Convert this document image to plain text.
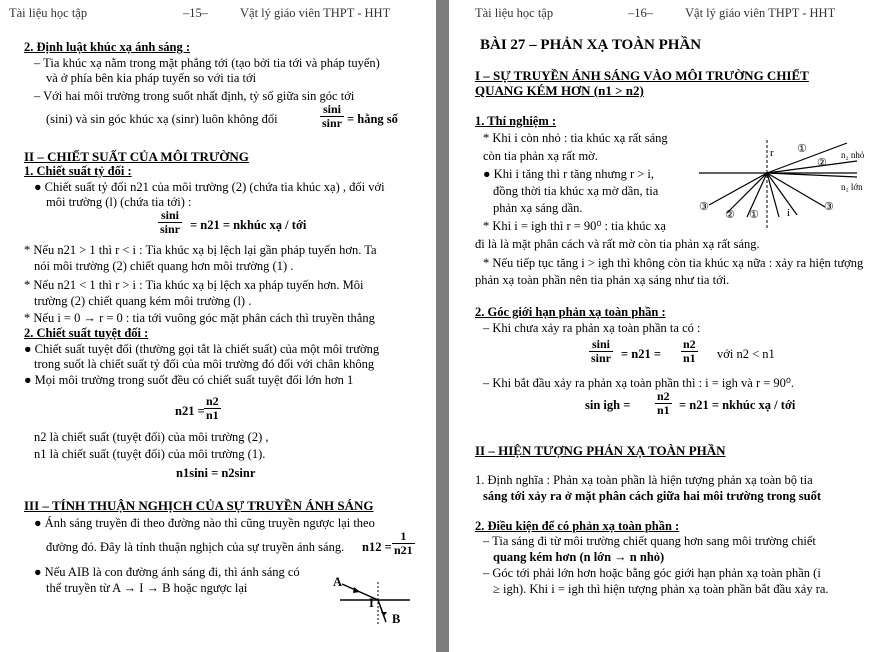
Tài liệu học tập	–15–	Vật lý giáo viên THPT - HHT
2. Định luật khúc xạ ánh sáng :
– Tia khúc xạ nằm trong mặt phẳng tới (tạo bởi tia tới và pháp tuyến)
và ở phía bên kia pháp tuyến so với tia tới
– Với hai môi trường trong suốt nhất định, tỷ số giữa sin góc tới
(sini) và sin góc khúc xạ (sinr) luôn không đổi	$\frac{\sin i}{\sin r}$ = hằng số
II – CHIẾT SUẤT CỦA MÔI TRƯỜNG
1. Chiết suất tỷ đối :
● Chiết suất tỷ đối n21 của môi trường (2) (chứa tia khúc xạ) , đối với
môi trường (l) (chứa tia tới) :
$\frac{\sin i}{\sin r} = n21$ = nkhúc xạ / tới
* Nếu n21 > 1 thì r < i : Tia khúc xạ bị lệch lại gần pháp tuyến hơn. Ta
nói môi trường (2) chiết quang hơn môi trường (1) .
* Nếu n21 < 1 thì r > i : Tia khúc xạ bị lệch xa pháp tuyến hơn. Môi
trường (2) chiết quang kém môi trường (l) .
* Nếu i = 0 → r = 0 : tia tới vuông góc mặt phân cách thì truyền thẳng
2. Chiết suất tuyệt đối :
● Chiết suất tuyệt đối (thường gọi tắt là chiết suất) của một môi trường
trong suốt là chiết suất tỷ đối của môi trường đó đối với chân không
● Mọi môi trường trong suốt đều có chiết suất tuyệt đối lớn hơn 1
$n21 = \frac{n2}{n1}$
n2 là chiết suất (tuyệt đối) của môi trường (2) ,
n1 là chiết suất (tuyệt đối) của môi trường (1).
n1sini = n2sinr
III – TÍNH THUẬN NGHỊCH CỦA SỰ TRUYỀN ÁNH SÁNG
● Ánh sáng truyền đi theo đường nào thì cũng truyền ngược lại theo
đường đó. Đây là tính thuận nghịch của sự truyền ánh sáng. $n12 = \frac{1}{n21}$
● Nếu AIB là con đường ánh sáng đi, thì ánh sáng có
thể truyền từ A → I → B hoặc ngược lại	A
I
B
Tài liệu học tập	–16–	Vật lý giáo viên THPT - HHT
BÀI 27 – PHẢN XẠ TOÀN PHẦN
I – SỰ TRUYỀN ÁNH SÁNG VÀO MÔI TRƯỜNG CHIẾT
QUANG KÉM HƠN (n1 > n2)
1. Thí nghiệm :
* Khi i còn nhỏ : tia khúc xạ rất sáng
còn tia phản xạ rất mờ.
● Khi i tăng thì r tăng nhưng r > i,
đồng thời tia khúc xạ mờ dần, tia
phản xạ sáng dần.
* Khi i = igh thì r = 90⁰ : tia khúc xạ
đi là là mặt phân cách và rất mờ còn tia phản xạ rất sáng.
* Nếu tiếp tục tăng i > igh thì không còn tia khúc xạ nữa : xảy ra hiện tượng
phản xạ toàn phần nên tia phản xạ sáng như tia tới.
r ①
②
③	③
② ①	i
n₂ nhỏ
n₁ lớn
2. Góc giới hạn phản xạ toàn phần :
– Khi chưa xảy ra phản xạ toàn phần ta có :
$\frac{\sin i}{\sin r} = n21 = \frac{n2}{n1}$ với n2 < n1
– Khi bắt đầu xảy ra phản xạ toàn phần thì : i = igh và r = 90⁰.
sin igh = $\frac{n2}{n1} = n21$ = nkhúc xạ / tới
II – HIỆN TƯỢNG PHẢN XẠ TOÀN PHẦN
1. Định nghĩa : Phản xạ toàn phần là hiện tượng phản xạ toàn bộ tia
sáng tới xảy ra ở mặt phân cách giữa hai môi trường trong suốt
2. Điều kiện để có phản xạ toàn phần :
– Tia sáng đi từ môi trường chiết quang hơn sang môi trường chiết
quang kém hơn (n lớn → n nhỏ)
– Góc tới phải lớn hơn hoặc bằng góc giới hạn phản xạ toàn phần (i
≥ igh). Khi i = igh thì hiện tượng phản xạ toàn phần bắt đầu xảy ra.
